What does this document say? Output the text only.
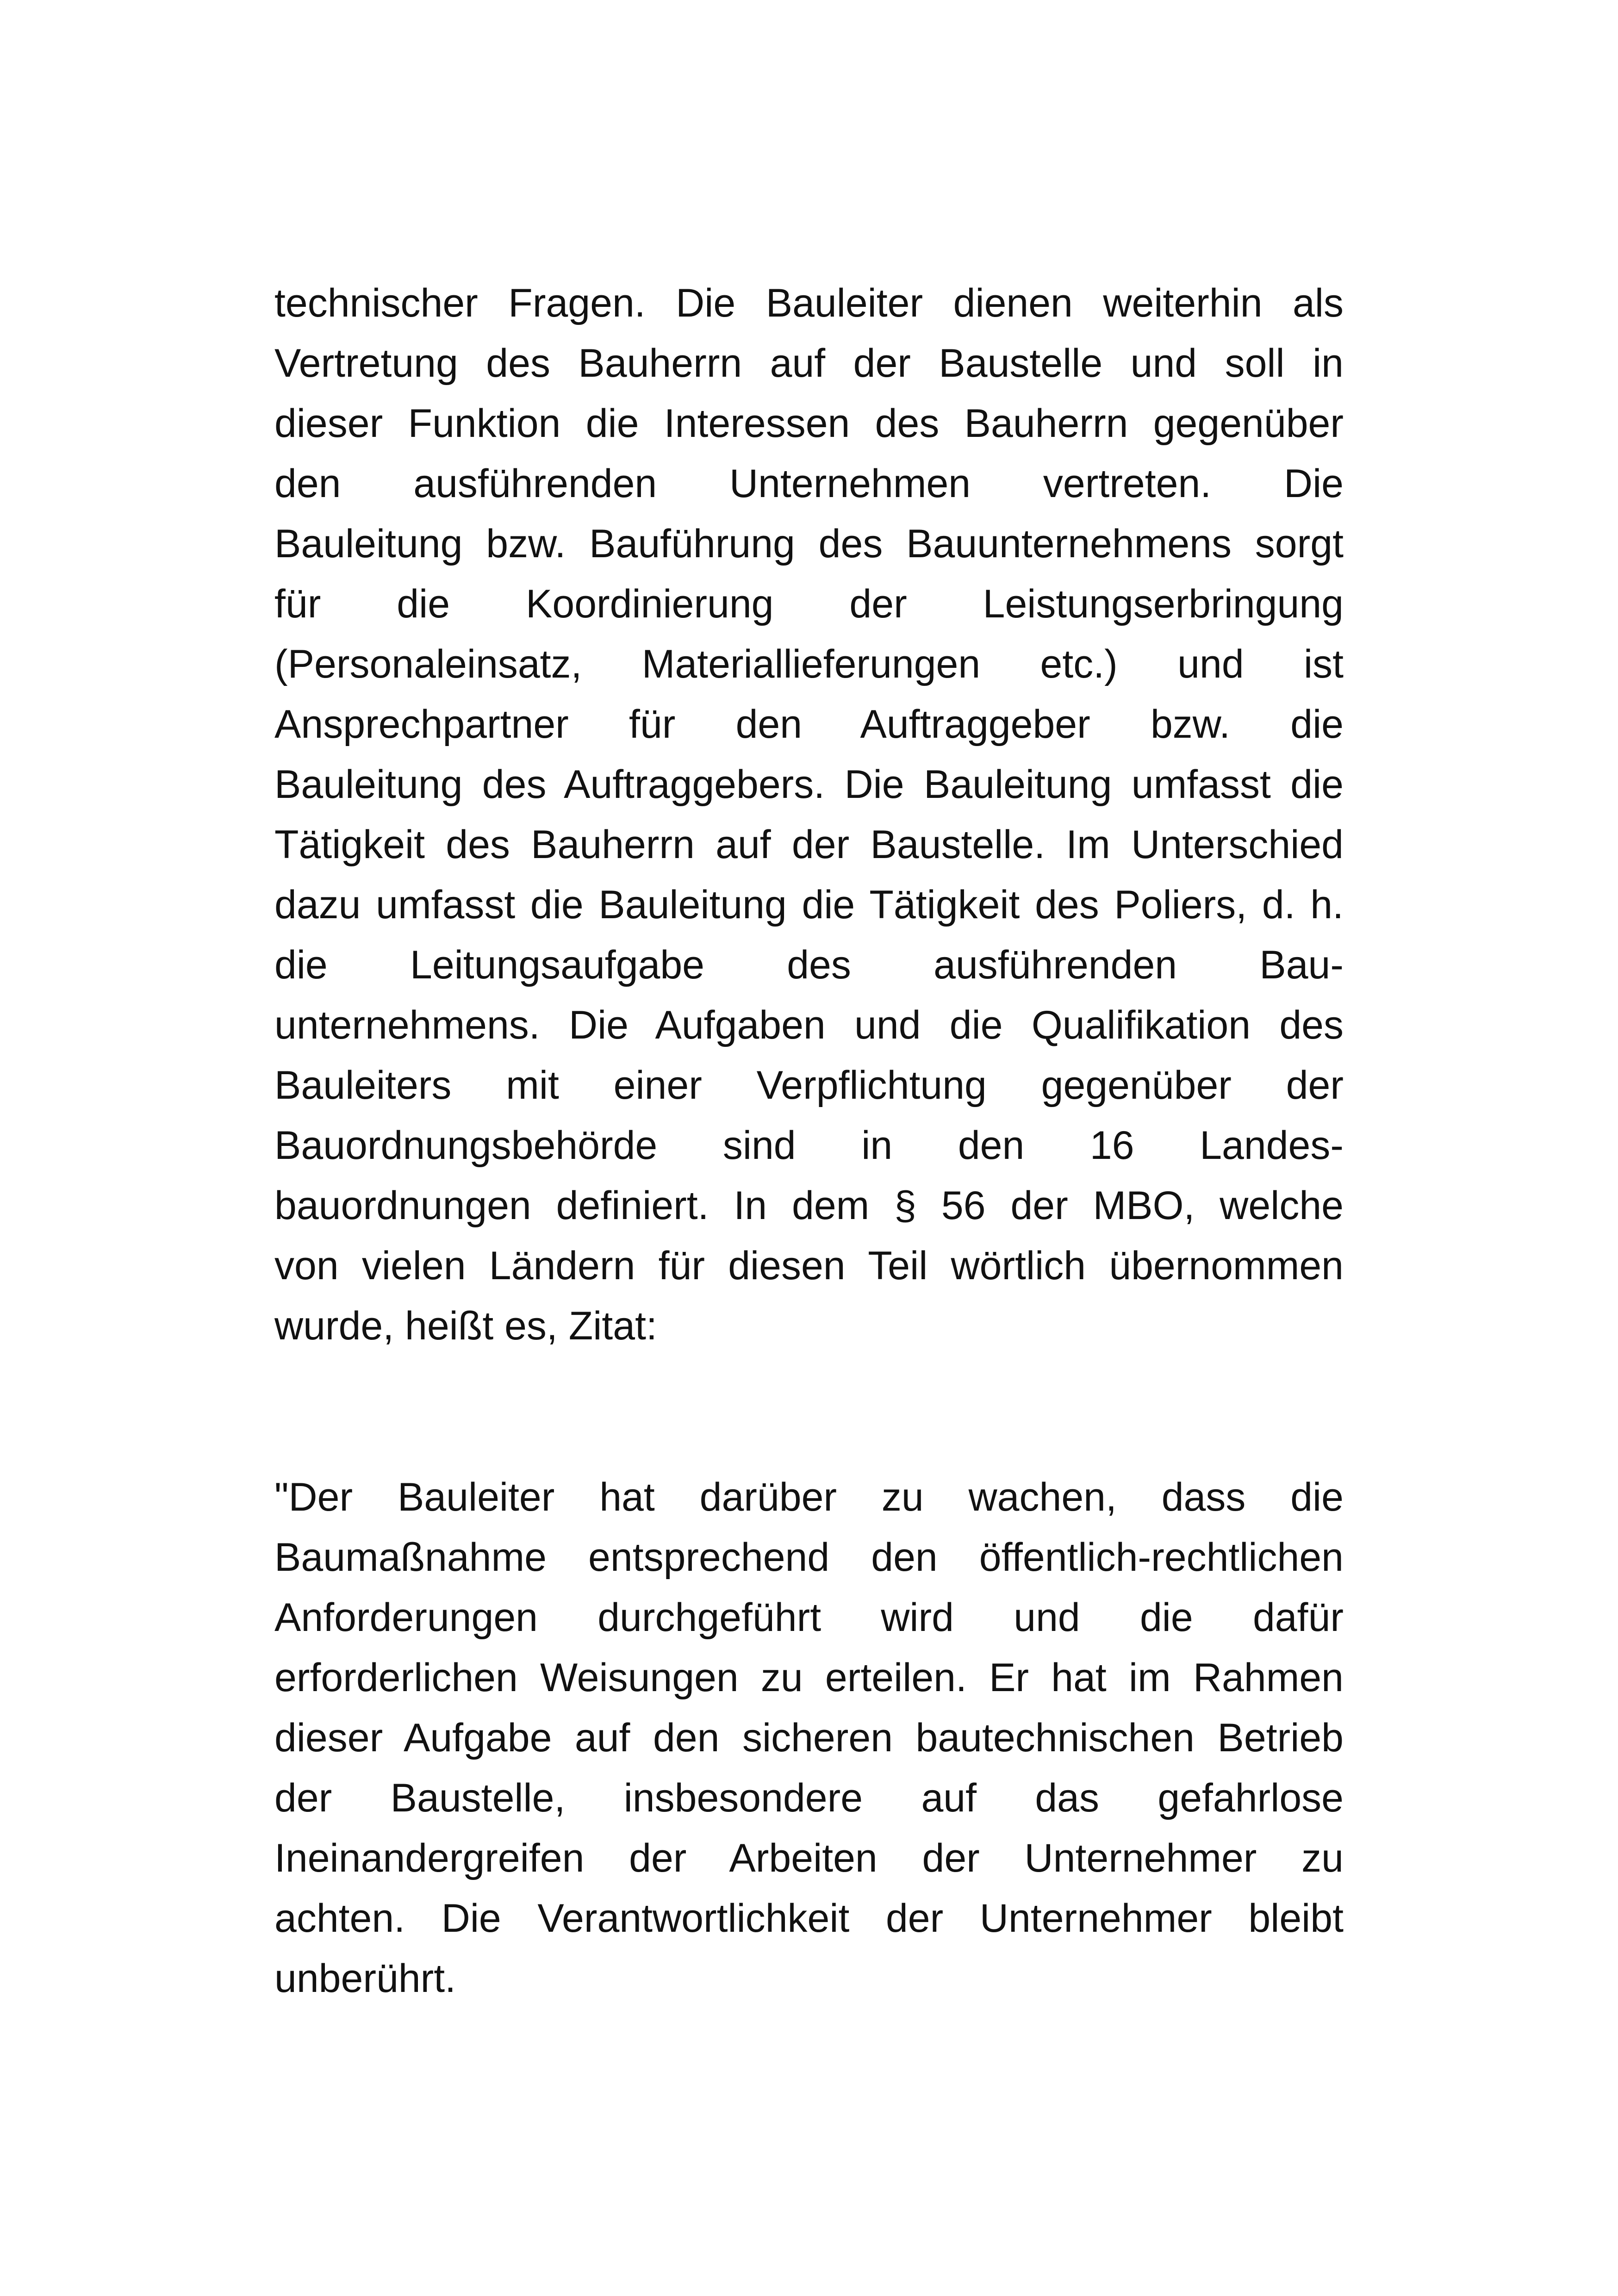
technischer Fragen. Die Bauleiter dienen weiterhin als
Vertretung des Bauherrn auf der Baustelle und soll in
dieser Funktion die Interessen des Bauherrn gegenüber
den ausführenden Unternehmen vertreten. Die
Bauleitung bzw. Bauführung des Bauunternehmens sorgt
für die Koordinierung der Leistungserbringung
(Personaleinsatz, Materiallieferungen etc.) und ist
Ansprechpartner für den Auftraggeber bzw. die
Bauleitung des Auftraggebers. Die Bauleitung umfasst die
Tätigkeit des Bauherrn auf der Baustelle. Im Unterschied
dazu umfasst die Bauleitung die Tätigkeit des Poliers, d. h.
die Leitungsaufgabe des ausführenden Bau-
unternehmens. Die Aufgaben und die Qualifikation des
Bauleiters mit einer Verpflichtung gegenüber der
Bauordnungsbehörde sind in den 16 Landes-
bauordnungen definiert. In dem § 56 der MBO, welche
von vielen Ländern für diesen Teil wörtlich übernommen
wurde, heißt es, Zitat:
"Der Bauleiter hat darüber zu wachen, dass die
Baumaßnahme entsprechend den öffentlich-rechtlichen
Anforderungen durchgeführt wird und die dafür
erforderlichen Weisungen zu erteilen. Er hat im Rahmen
dieser Aufgabe auf den sicheren bautechnischen Betrieb
der Baustelle, insbesondere auf das gefahrlose
Ineinandergreifen der Arbeiten der Unternehmer zu
achten. Die Verantwortlichkeit der Unternehmer bleibt
unberührt.
